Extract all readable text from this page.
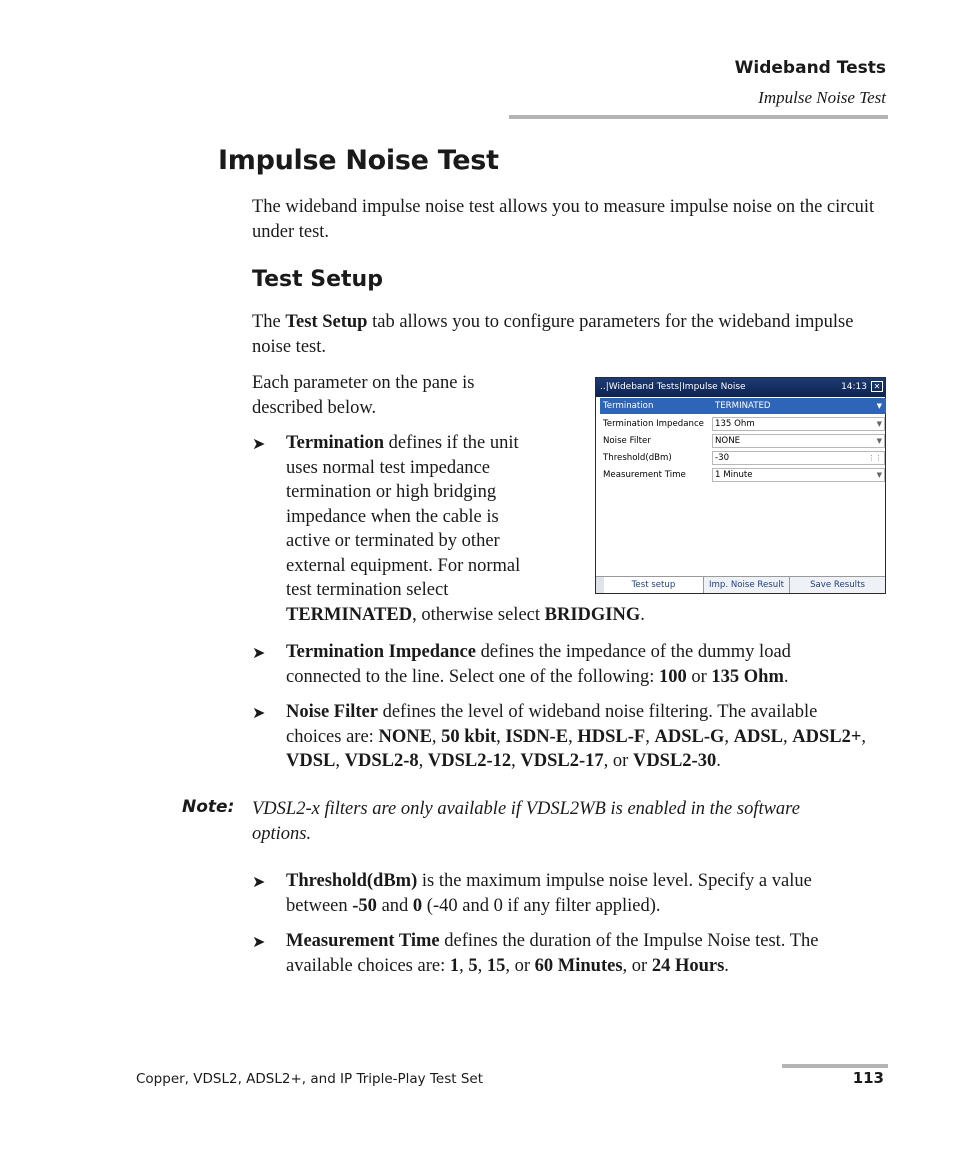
Wideband Tests
Impulse Noise Test
Impulse Noise Test
The wideband impulse noise test allows you to measure impulse noise on the circuit under test.
Test Setup
The Test Setup tab allows you to configure parameters for the wideband impulse noise test.
Each parameter on the pane is described below.
➤ Termination defines if the unit
uses normal test impedance
termination or high bridging
impedance when the cable is
active or terminated by other
external equipment. For normal
test termination select
TERMINATED, otherwise select BRIDGING.
➤ Termination Impedance defines the impedance of the dummy load
connected to the line. Select one of the following: 100 or 135 Ohm.
➤ Noise Filter defines the level of wideband noise filtering. The available
choices are: NONE, 50 kbit, ISDN-E, HDSL-F, ADSL-G, ADSL, ADSL2+,
VDSL, VDSL2-8, VDSL2-12, VDSL2-17, or VDSL2-30.
Note: VDSL2-x filters are only available if VDSL2WB is enabled in the software
options.
➤ Threshold(dBm) is the maximum impulse noise level. Specify a value
between -50 and 0 (-40 and 0 if any filter applied).
➤ Measurement Time defines the duration of the Impulse Noise test. The
available choices are: 1, 5, 15, or 60 Minutes, or 24 Hours.
..|Wideband Tests|Impulse Noise	14:13 ✕
Termination	TERMINATED	▼
Termination Impedance	135 Ohm	▼
Noise Filter	NONE	▼
Threshold(dBm)	-30	⋮⋮
Measurement Time	1 Minute	▼
Test setup	Imp. Noise Result	Save Results
Copper, VDSL2, ADSL2+, and IP Triple-Play Test Set	113
